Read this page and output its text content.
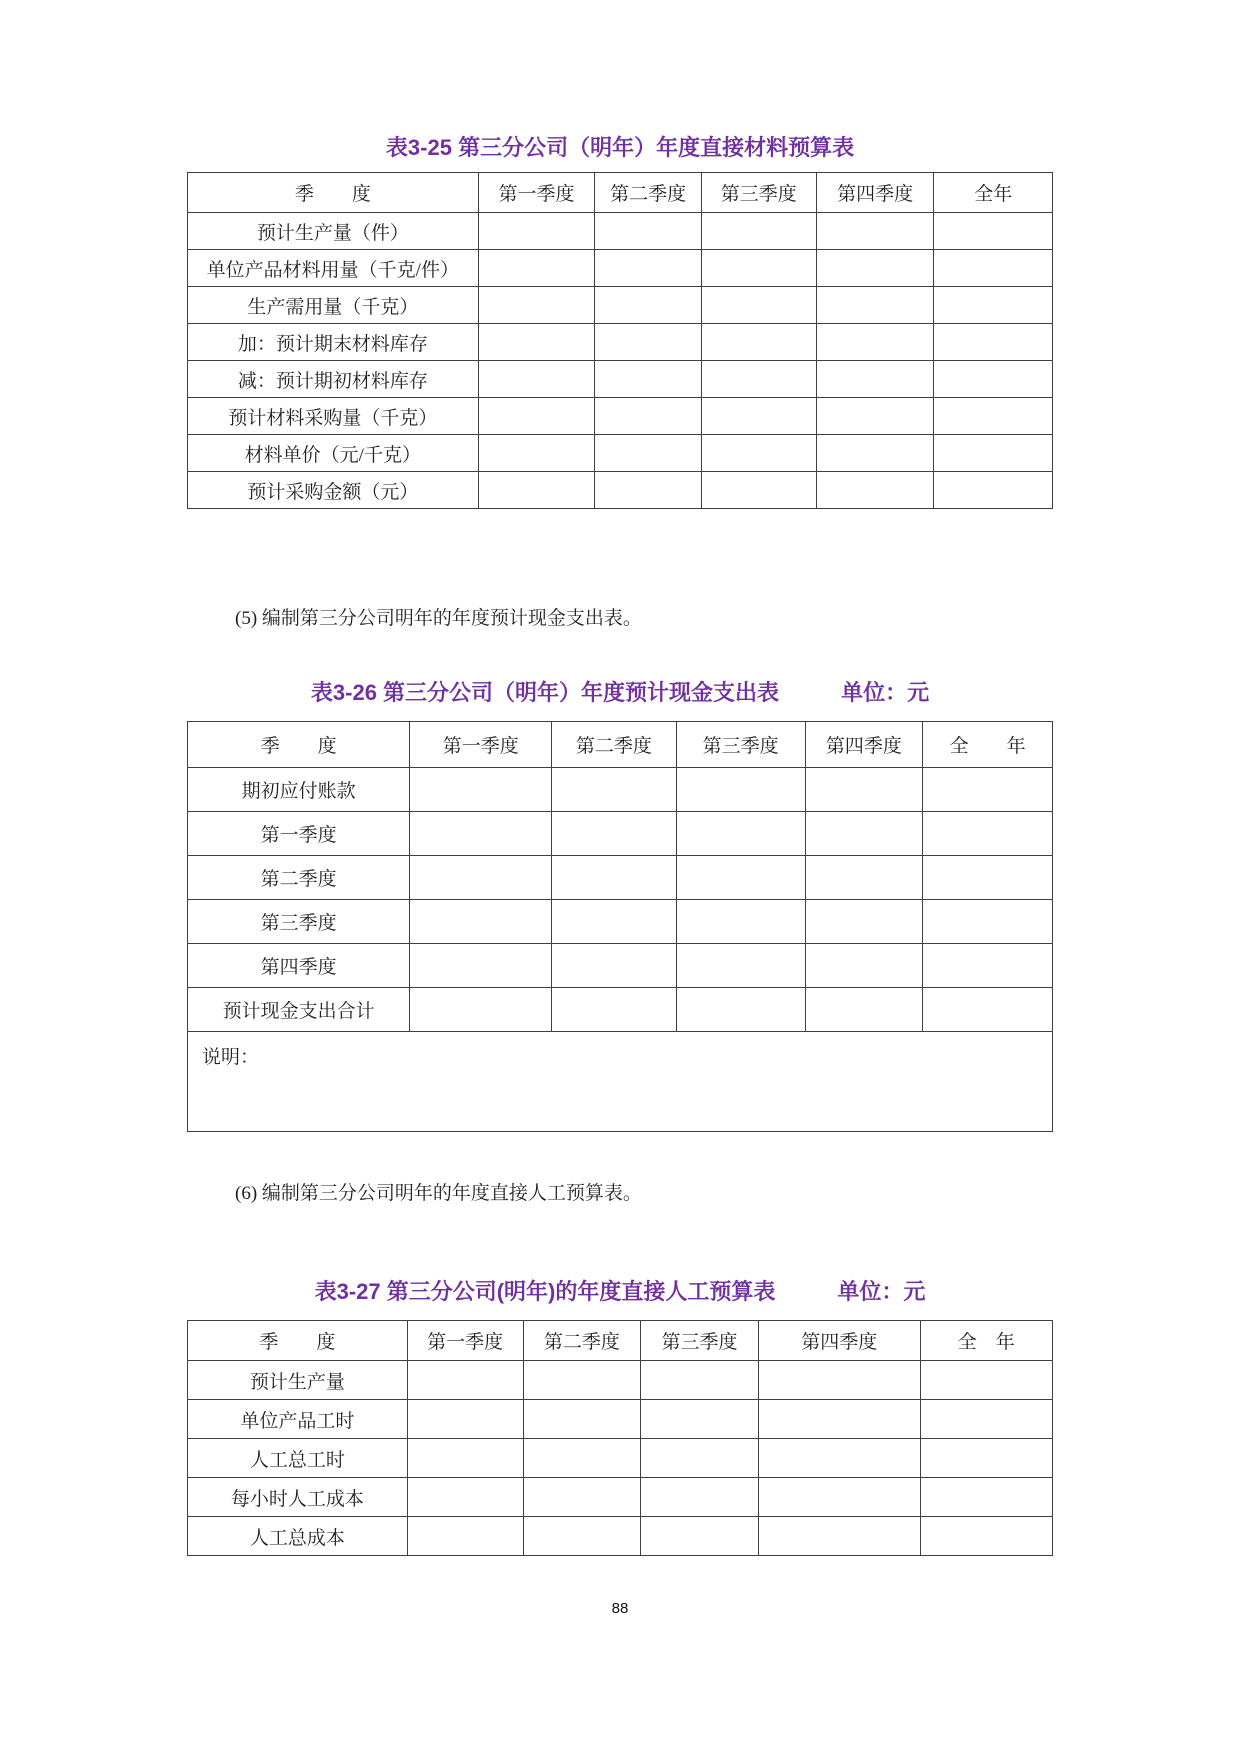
表3-25 第三分公司（明年）年度直接材料预算表
季　　度	第一季度	第二季度	第三季度	第四季度	全年
预计生产量（件）					
单位产品材料用量（千克/件）					
生产需用量（千克）					
加：预计期末材料库存					
减：预计期初材料库存					
预计材料采购量（千克）					
材料单价（元/千克）					
预计采购金额（元）					
(5) 编制第三分公司明年的年度预计现金支出表。
表3-26 第三分公司（明年）年度预计现金支出表	单位：元
季　　度	第一季度	第二季度	第三季度	第四季度	全　　年
期初应付账款					
第一季度					
第二季度					
第三季度					
第四季度					
预计现金支出合计					
说明：					
(6) 编制第三分公司明年的年度直接人工预算表。
表3-27 第三分公司(明年)的年度直接人工预算表	单位：元
季　　度	第一季度	第二季度	第三季度	第四季度	全　年
预计生产量					
单位产品工时					
人工总工时					
每小时人工成本					
人工总成本					
88
